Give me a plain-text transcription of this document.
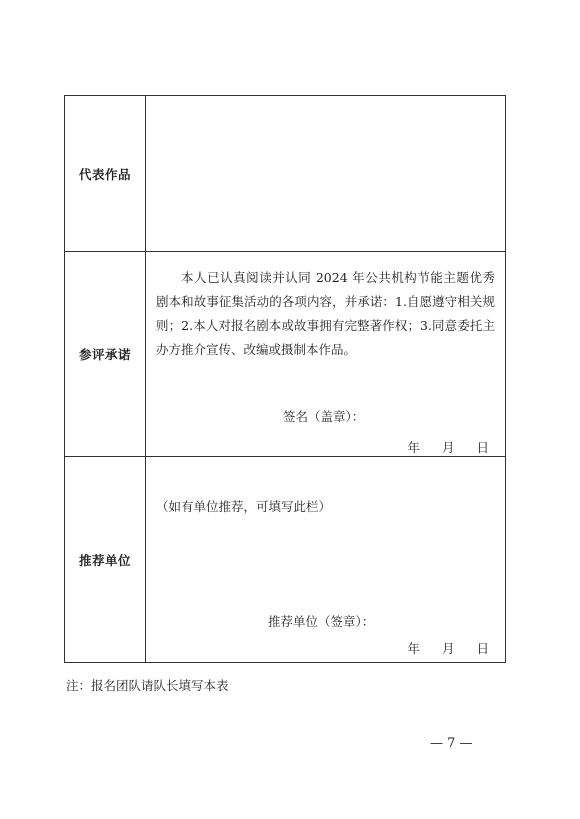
代表作品	
参评承诺	本人已认真阅读并认同 2024 年公共机构节能主题优秀剧本和故事征集活动的各项内容，并承诺：1.自愿遵守相关规则；2.本人对报名剧本或故事拥有完整著作权；3.同意委托主办方推介宣传、改编或摄制本作品。

签名（盖章）：
年 月 日

推荐单位	（如有单位推荐，可填写此栏）
推荐单位（签章）：
年 月 日
注：报名团队请队长填写本表
— 7 —
